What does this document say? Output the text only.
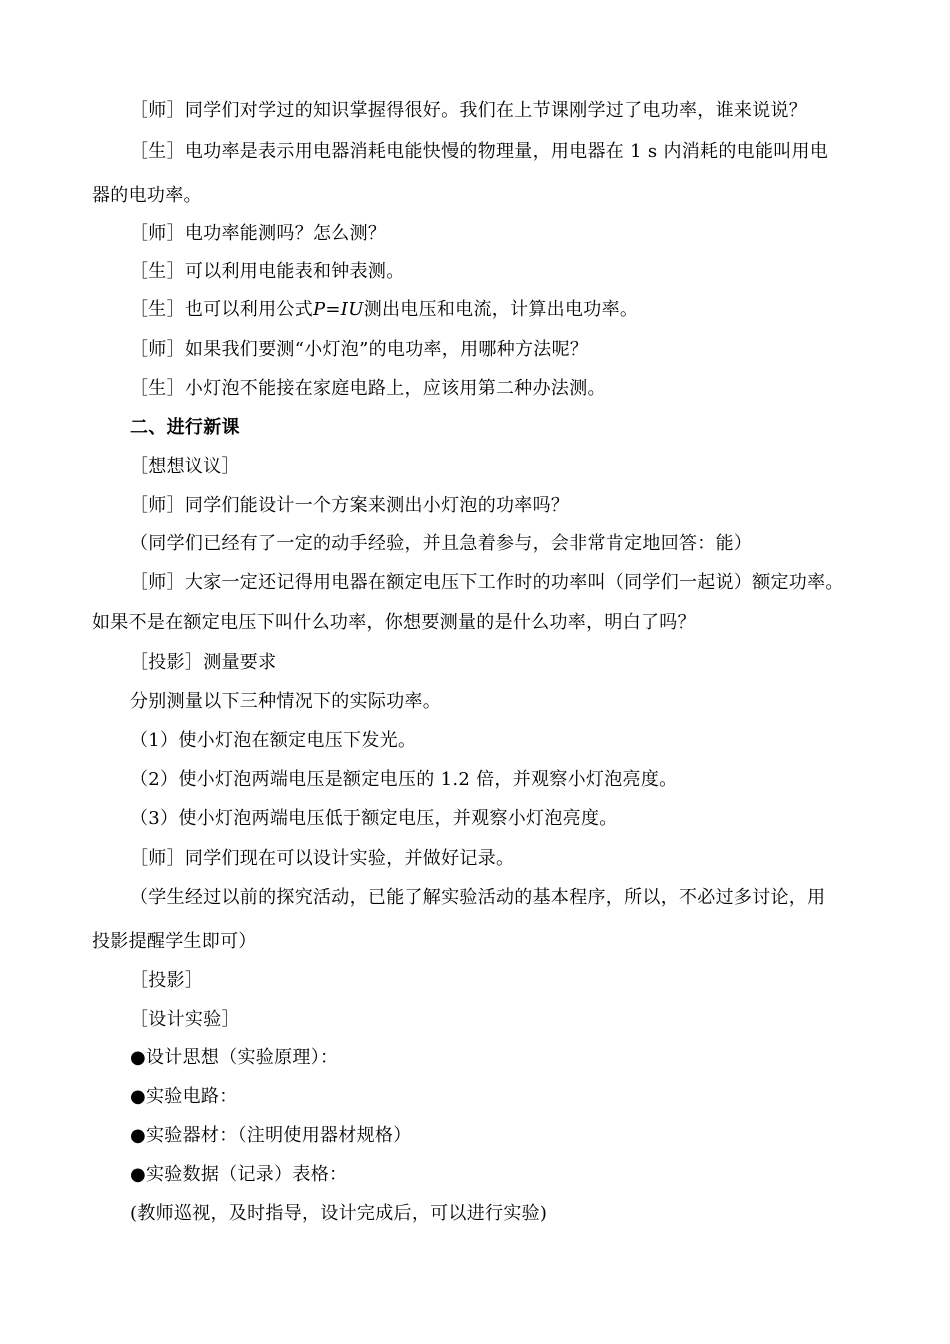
［师］同学们对学过的知识掌握得很好。我们在上节课刚学过了电功率，谁来说说？
［生］电功率是表示用电器消耗电能快慢的物理量，用电器在 1 s 内消耗的电能叫用电
器的电功率。
［师］电功率能测吗？怎么测？
［生］可以利用电能表和钟表测。
［生］也可以利用公式P=IU测出电压和电流，计算出电功率。
［师］如果我们要测“小灯泡”的电功率，用哪种方法呢？
［生］小灯泡不能接在家庭电路上，应该用第二种办法测。
二、进行新课
［想想议议］
［师］同学们能设计一个方案来测出小灯泡的功率吗？
（同学们已经有了一定的动手经验，并且急着参与，会非常肯定地回答：能）
［师］大家一定还记得用电器在额定电压下工作时的功率叫（同学们一起说）额定功率。
如果不是在额定电压下叫什么功率，你想要测量的是什么功率，明白了吗？
［投影］测量要求
分别测量以下三种情况下的实际功率。
（1）使小灯泡在额定电压下发光。
（2）使小灯泡两端电压是额定电压的 1.2 倍，并观察小灯泡亮度。
（3）使小灯泡两端电压低于额定电压，并观察小灯泡亮度。
［师］同学们现在可以设计实验，并做好记录。
（学生经过以前的探究活动，已能了解实验活动的基本程序，所以，不必过多讨论，用
投影提醒学生即可）
［投影］
［设计实验］
●设计思想（实验原理）：
●实验电路：
●实验器材：（注明使用器材规格）
●实验数据（记录）表格：
(教师巡视，及时指导，设计完成后，可以进行实验)
